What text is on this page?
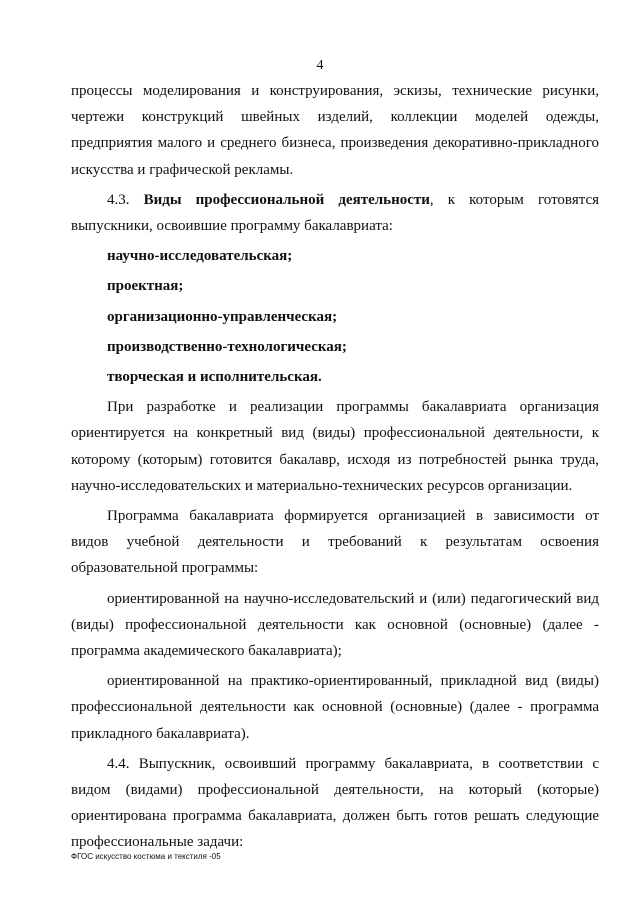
4

процессы моделирования и конструирования, эскизы, технические рисунки, чертежи конструкций швейных изделий, коллекции моделей одежды, предприятия малого и среднего бизнеса, произведения декоративно-прикладного искусства и графической рекламы.

4.3. Виды профессиональной деятельности, к которым готовятся выпускники, освоившие программу бакалавриата:

научно-исследовательская;

проектная;

организационно-управленческая;

производственно-технологическая;

творческая и исполнительская.

При разработке и реализации программы бакалавриата организация ориентируется на конкретный вид (виды) профессиональной деятельности, к которому (которым) готовится бакалавр, исходя из потребностей рынка труда, научно-исследовательских и материально-технических ресурсов организации.

Программа бакалавриата формируется организацией в зависимости от видов учебной деятельности и требований к результатам освоения образовательной программы:

ориентированной на научно-исследовательский и (или) педагогический вид (виды) профессиональной деятельности как основной (основные) (далее - программа академического бакалавриата);

ориентированной на практико-ориентированный, прикладной вид (виды) профессиональной деятельности как основной (основные) (далее - программа прикладного бакалавриата).

4.4. Выпускник, освоивший программу бакалавриата, в соответствии с видом (видами) профессиональной деятельности, на который (которые) ориентирована программа бакалавриата, должен быть готов решать следующие профессиональные задачи:

ФГОС искусство костюма и текстиля -05
